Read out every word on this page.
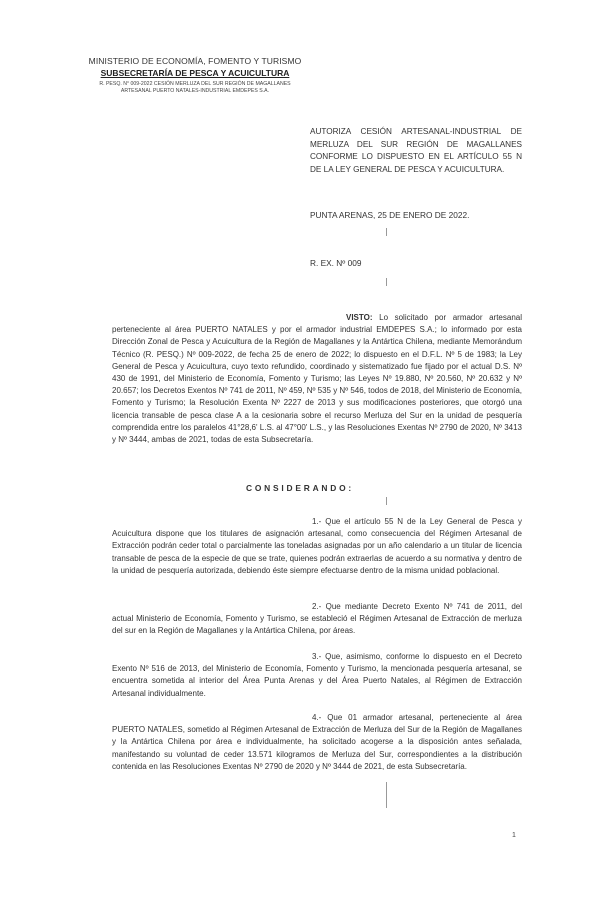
MINISTERIO DE ECONOMÍA, FOMENTO Y TURISMO
SUBSECRETARÍA DE PESCA Y ACUICULTURA
R. PESQ. N° 009-2022 CESIÓN MERLUZA DEL SUR REGIÓN DE MAGALLANES
ARTESANAL PUERTO NATALES-INDUSTRIAL EMDEPES S.A.
AUTORIZA CESIÓN ARTESANAL-INDUSTRIAL DE MERLUZA DEL SUR REGIÓN DE MAGALLANES CONFORME LO DISPUESTO EN EL ARTÍCULO 55 N DE LA LEY GENERAL DE PESCA Y ACUICULTURA.
PUNTA ARENAS, 25 DE ENERO DE 2022.
R. EX. Nº 009
VISTO: Lo solicitado por armador artesanal perteneciente al área PUERTO NATALES y por el armador industrial EMDEPES S.A.; lo informado por esta Dirección Zonal de Pesca y Acuicultura de la Región de Magallanes y la Antártica Chilena, mediante Memorándum Técnico (R. PESQ.) Nº 009-2022, de fecha 25 de enero de 2022; lo dispuesto en el D.F.L. Nº 5 de 1983; la Ley General de Pesca y Acuicultura, cuyo texto refundido, coordinado y sistematizado fue fijado por el actual D.S. Nº 430 de 1991, del Ministerio de Economía, Fomento y Turismo; las Leyes Nº 19.880, Nº 20.560, Nº 20.632 y Nº 20.657; los Decretos Exentos Nº 741 de 2011, Nº 459, Nº 535 y Nº 546, todos de 2018, del Ministerio de Economía, Fomento y Turismo; la Resolución Exenta Nº 2227 de 2013 y sus modificaciones posteriores, que otorgó una licencia transable de pesca clase A a la cesionaria sobre el recurso Merluza del Sur en la unidad de pesquería comprendida entre los paralelos 41°28,6' L.S. al 47°00' L.S., y las Resoluciones Exentas Nº 2790 de 2020, Nº 3413 y Nº 3444, ambas de 2021, todas de esta Subsecretaría.
CONSIDERANDO:
1.- Que el artículo 55 N de la Ley General de Pesca y Acuicultura dispone que los titulares de asignación artesanal, como consecuencia del Régimen Artesanal de Extracción podrán ceder total o parcialmente las toneladas asignadas por un año calendario a un titular de licencia transable de pesca de la especie de que se trate, quienes podrán extraerlas de acuerdo a su normativa y dentro de la unidad de pesquería autorizada, debiendo éste siempre efectuarse dentro de la misma unidad poblacional.
2.- Que mediante Decreto Exento Nº 741 de 2011, del actual Ministerio de Economía, Fomento y Turismo, se estableció el Régimen Artesanal de Extracción de merluza del sur en la Región de Magallanes y la Antártica Chilena, por áreas.
3.- Que, asimismo, conforme lo dispuesto en el Decreto Exento Nº 516 de 2013, del Ministerio de Economía, Fomento y Turismo, la mencionada pesquería artesanal, se encuentra sometida al interior del Área Punta Arenas y del Área Puerto Natales, al Régimen de Extracción Artesanal individualmente.
4.- Que 01 armador artesanal, perteneciente al área PUERTO NATALES, sometido al Régimen Artesanal de Extracción de Merluza del Sur de la Región de Magallanes y la Antártica Chilena por área e individualmente, ha solicitado acogerse a la disposición antes señalada, manifestando su voluntad de ceder 13.571 kilogramos de Merluza del Sur, correspondientes a la distribución contenida en las Resoluciones Exentas Nº 2790 de 2020 y Nº 3444 de 2021, de esta Subsecretaría.
1
